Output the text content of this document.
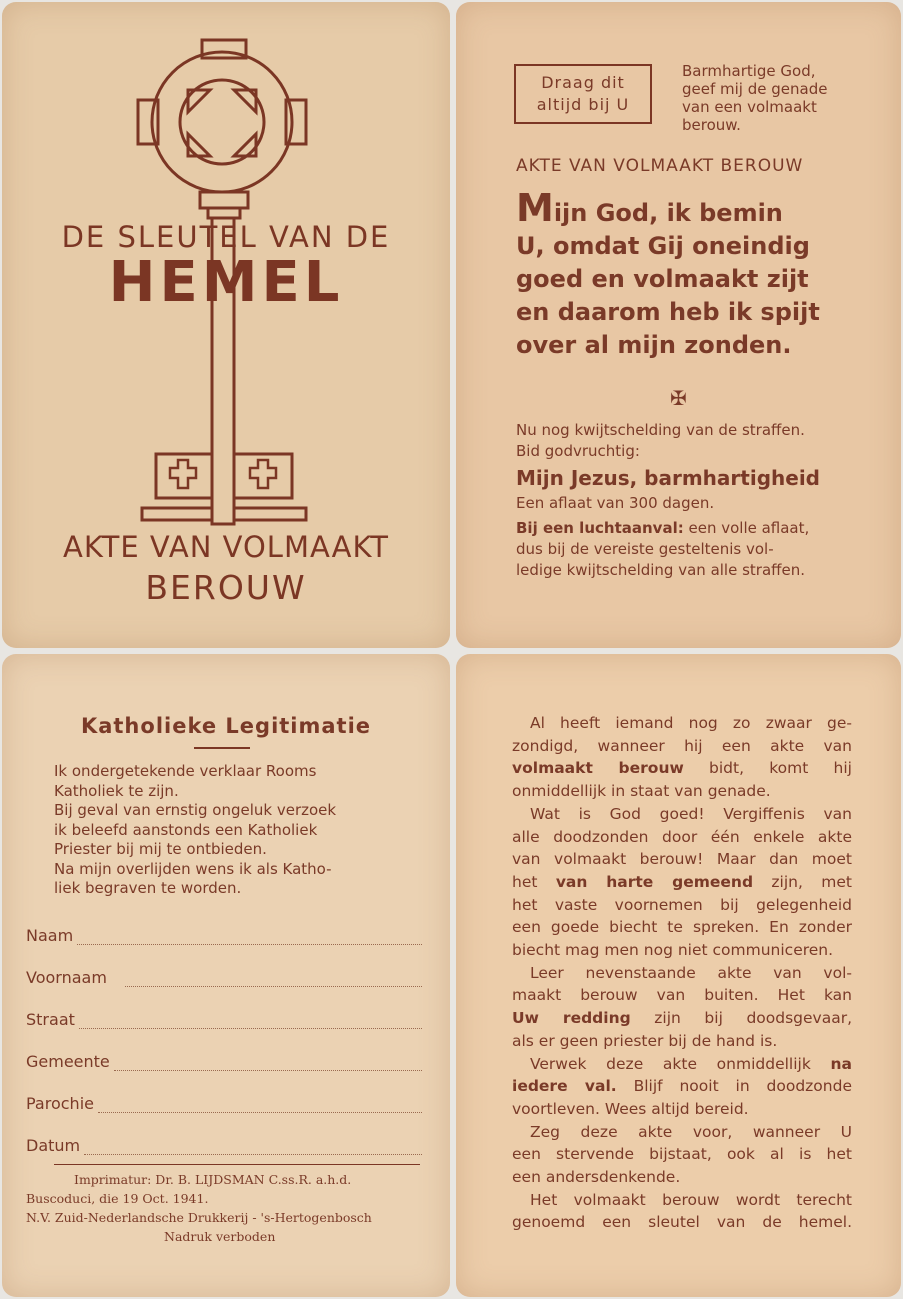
DE SLEUTEL VAN DE
HEMEL
AKTE VAN VOLMAAKT
BEROUW
Draag dit
altijd bij U
Barmhartige God,
geef mij de genade
van een volmaakt
berouw.
AKTE VAN VOLMAAKT BEROUW
Mijn God, ik bemin
U, omdat Gij oneindig
goed en volmaakt zijt
en daarom heb ik spijt
over al mijn zonden.
✠
Nu nog kwijtschelding van de straffen.
Bid godvruchtig:
Mijn Jezus, barmhartigheid
Een aflaat van 300 dagen.
Bij een luchtaanval: een volle aflaat,
dus bij de vereiste gesteltenis vol-
ledige kwijtschelding van alle straffen.
Katholieke Legitimatie
Ik ondergetekende verklaar Rooms
Katholiek te zijn.
Bij geval van ernstig ongeluk verzoek
ik beleefd aanstonds een Katholiek
Priester bij mij te ontbieden.
Na mijn overlijden wens ik als Katho-
liek begraven te worden.
Naam
Voornaam
Straat
Gemeente
Parochie
Datum
Imprimatur: Dr. B. LIJDSMAN C.ss.R. a.h.d.
Buscoduci, die 19 Oct. 1941.
N.V. Zuid-Nederlandsche Drukkerij - 's-Hertogenbosch
Nadruk verboden
Al heeft iemand nog zo zwaar ge-
zondigd, wanneer hij een akte van
volmaakt berouw bidt, komt hij
onmiddellijk in staat van genade.
Wat is God goed! Vergiffenis van
alle doodzonden door één enkele akte
van volmaakt berouw! Maar dan moet
het van harte gemeend zijn, met
het vaste voornemen bij gelegenheid
een goede biecht te spreken. En zonder
biecht mag men nog niet communiceren.
Leer nevenstaande akte van vol-
maakt berouw van buiten. Het kan
Uw redding zijn bij doodsgevaar,
als er geen priester bij de hand is.
Verwek deze akte onmiddellijk na
iedere val. Blijf nooit in doodzonde
voortleven. Wees altijd bereid.
Zeg deze akte voor, wanneer U
een stervende bijstaat, ook al is het
een andersdenkende.
Het volmaakt berouw wordt terecht
genoemd een sleutel van de hemel.
